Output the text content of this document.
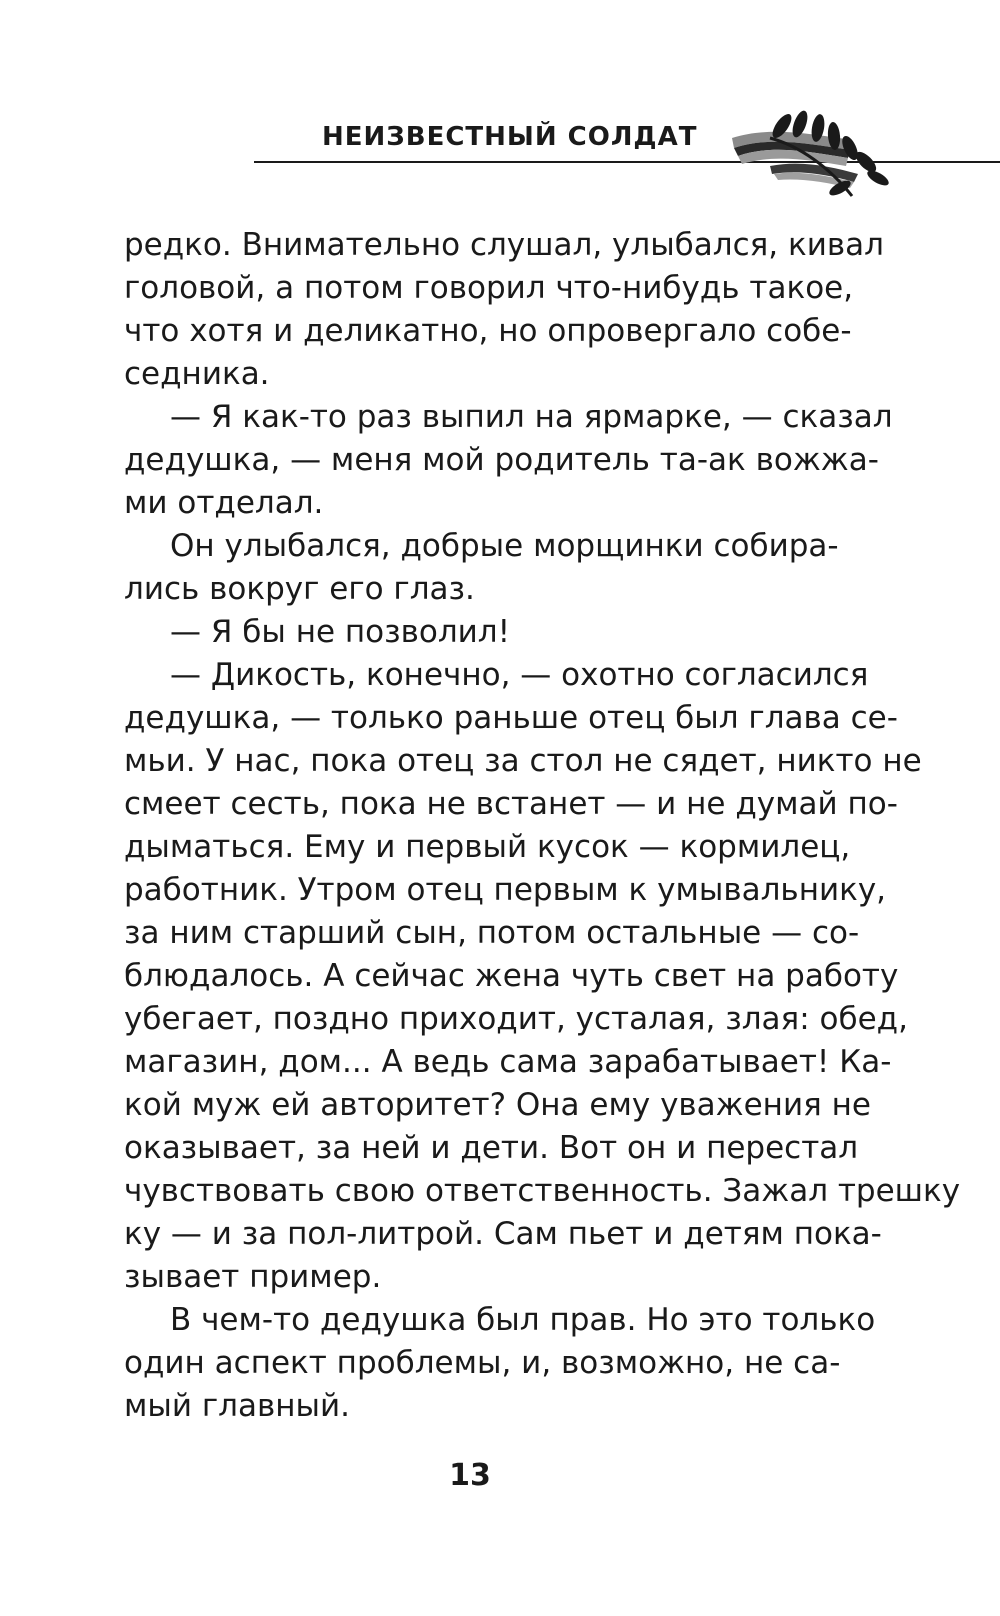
НЕИЗВЕСТНЫЙ СОЛДАТ
редко. Внимательно слушал, улыбался, кивал
головой, а потом говорил что-нибудь такое,
что хотя и деликатно, но опровергало собе-
седника.
— Я как-то раз выпил на ярмарке, — сказал
дедушка, — меня мой родитель та-ак вожжа-
ми отделал.
Он улыбался, добрые морщинки собира-
лись вокруг его глаз.
— Я бы не позволил!
— Дикость, конечно, — охотно согласился
дедушка, — только раньше отец был глава се-
мьи. У нас, пока отец за стол не сядет, никто не
смеет сесть, пока не встанет — и не думай по-
дыматься. Ему и первый кусок — кормилец,
работник. Утром отец первым к умывальнику,
за ним старший сын, потом остальные — со-
блюдалось. А сейчас жена чуть свет на работу
убегает, поздно приходит, усталая, злая: обед,
магазин, дом... А ведь сама зарабатывает! Ка-
кой муж ей авторитет? Она ему уважения не
оказывает, за ней и дети. Вот он и перестал
чувствовать свою ответственность. Зажал трешку
ку — и за пол-литрой. Сам пьет и детям пока-
зывает пример.
В чем-то дедушка был прав. Но это только
один аспект проблемы, и, возможно, не са-
мый главный.
13
